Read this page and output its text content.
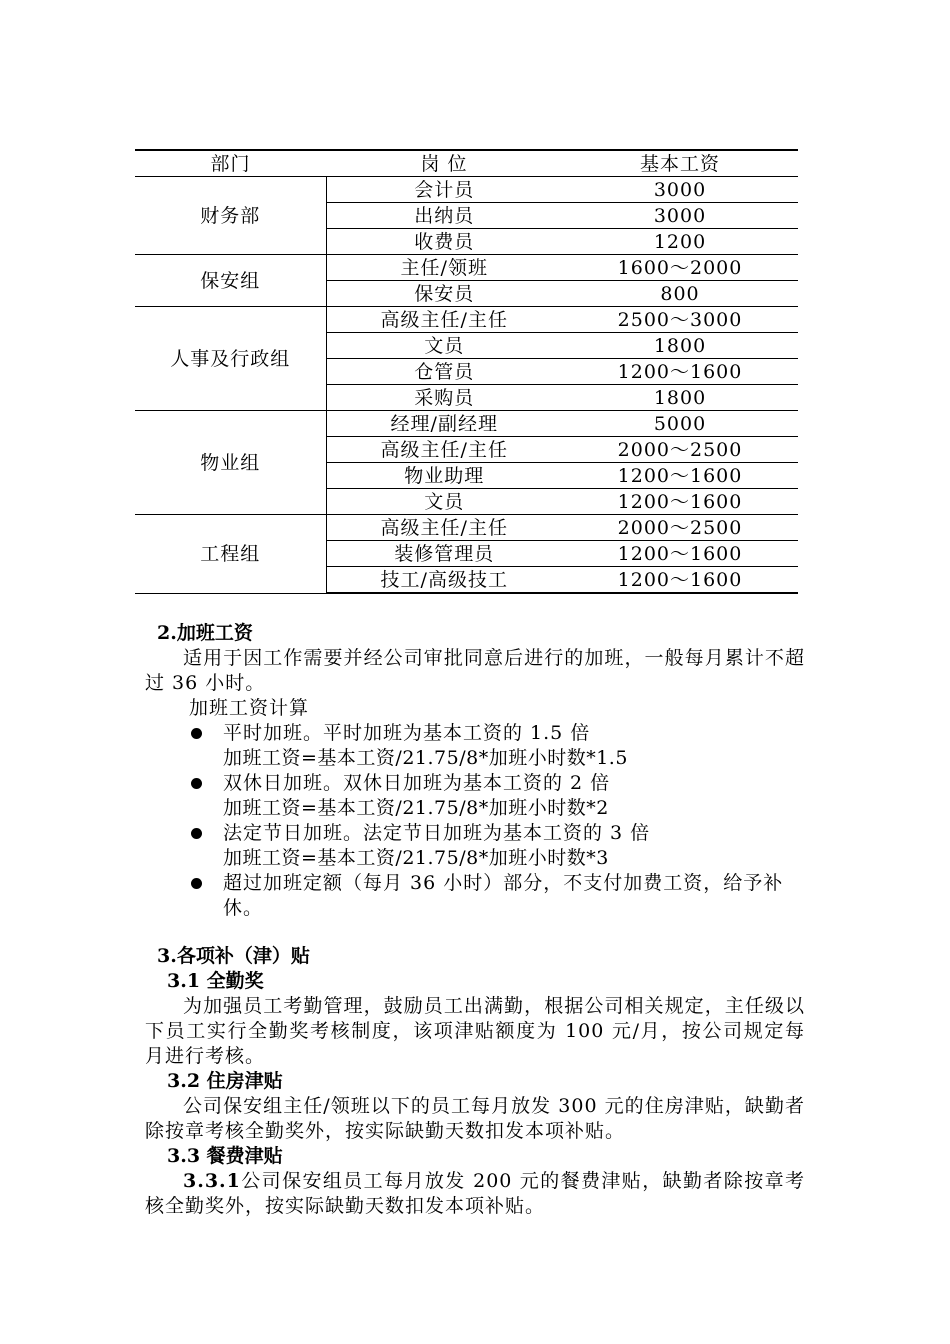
部门	岗 位	基本工资
财务部	会计员	3000
	出纳员	3000
	收费员	1200
保安组	主任/领班	1600～2000
	保安员	800
人事及行政组	高级主任/主任	2500～3000
	文员	1800
	仓管员	1200～1600
	采购员	1800
物业组	经理/副经理	5000
	高级主任/主任	2000～2500
	物业助理	1200～1600
	文员	1200～1600
工程组	高级主任/主任	2000～2500
	装修管理员	1200～1600
	技工/高级技工	1200～1600
2.加班工资

适用于因工作需要并经公司审批同意后进行的加班，一般每月累计不超过 36 小时。

加班工资计算

平时加班。平时加班为基本工资的 1.5 倍
加班工资=基本工资/21.75/8*加班小时数*1.5
双休日加班。双休日加班为基本工资的 2 倍
加班工资=基本工资/21.75/8*加班小时数*2
法定节日加班。法定节日加班为基本工资的 3 倍
加班工资=基本工资/21.75/8*加班小时数*3
超过加班定额（每月 36 小时）部分，不支付加费工资，给予补休。
3.各项补（津）贴
3.1 全勤奖

为加强员工考勤管理，鼓励员工出满勤，根据公司相关规定，主任级以下员工实行全勤奖考核制度，该项津贴额度为 100 元/月，按公司规定每月进行考核。

3.2 住房津贴

公司保安组主任/领班以下的员工每月放发 300 元的住房津贴，缺勤者除按章考核全勤奖外，按实际缺勤天数扣发本项补贴。

3.3 餐费津贴

3.3.1公司保安组员工每月放发 200 元的餐费津贴，缺勤者除按章考核全勤奖外，按实际缺勤天数扣发本项补贴。
